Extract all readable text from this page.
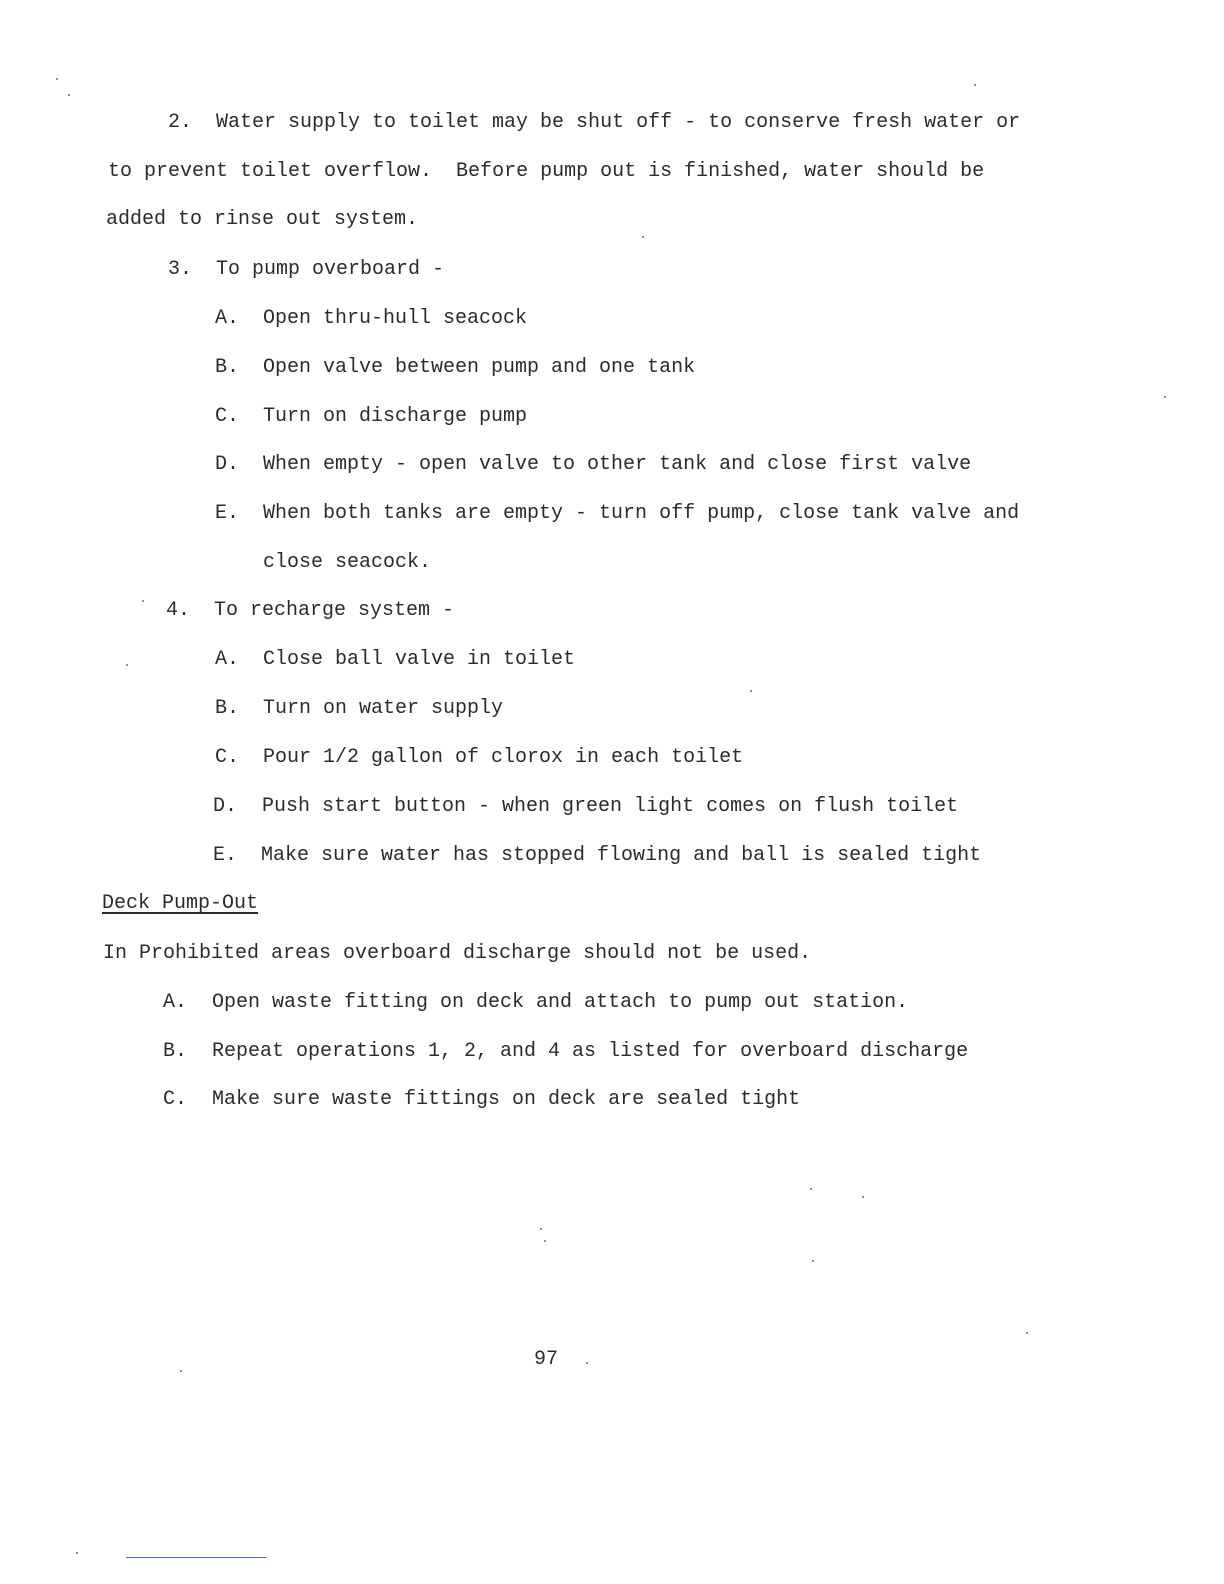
2. Water supply to toilet may be shut off - to conserve fresh water or
to prevent toilet overflow.  Before pump out is finished, water should be
added to rinse out system.
3. To pump overboard -
A. Open thru-hull seacock
B. Open valve between pump and one tank
C. Turn on discharge pump
D. When empty - open valve to other tank and close first valve
E. When both tanks are empty - turn off pump, close tank valve and
close seacock.
4. To recharge system -
A. Close ball valve in toilet
B. Turn on water supply
C. Pour 1/2 gallon of clorox in each toilet
D. Push start button - when green light comes on flush toilet
E. Make sure water has stopped flowing and ball is sealed tight
Deck Pump-Out
In Prohibited areas overboard discharge should not be used.
A. Open waste fitting on deck and attach to pump out station.
B. Repeat operations 1, 2, and 4 as listed for overboard discharge
C. Make sure waste fittings on deck are sealed tight
97
